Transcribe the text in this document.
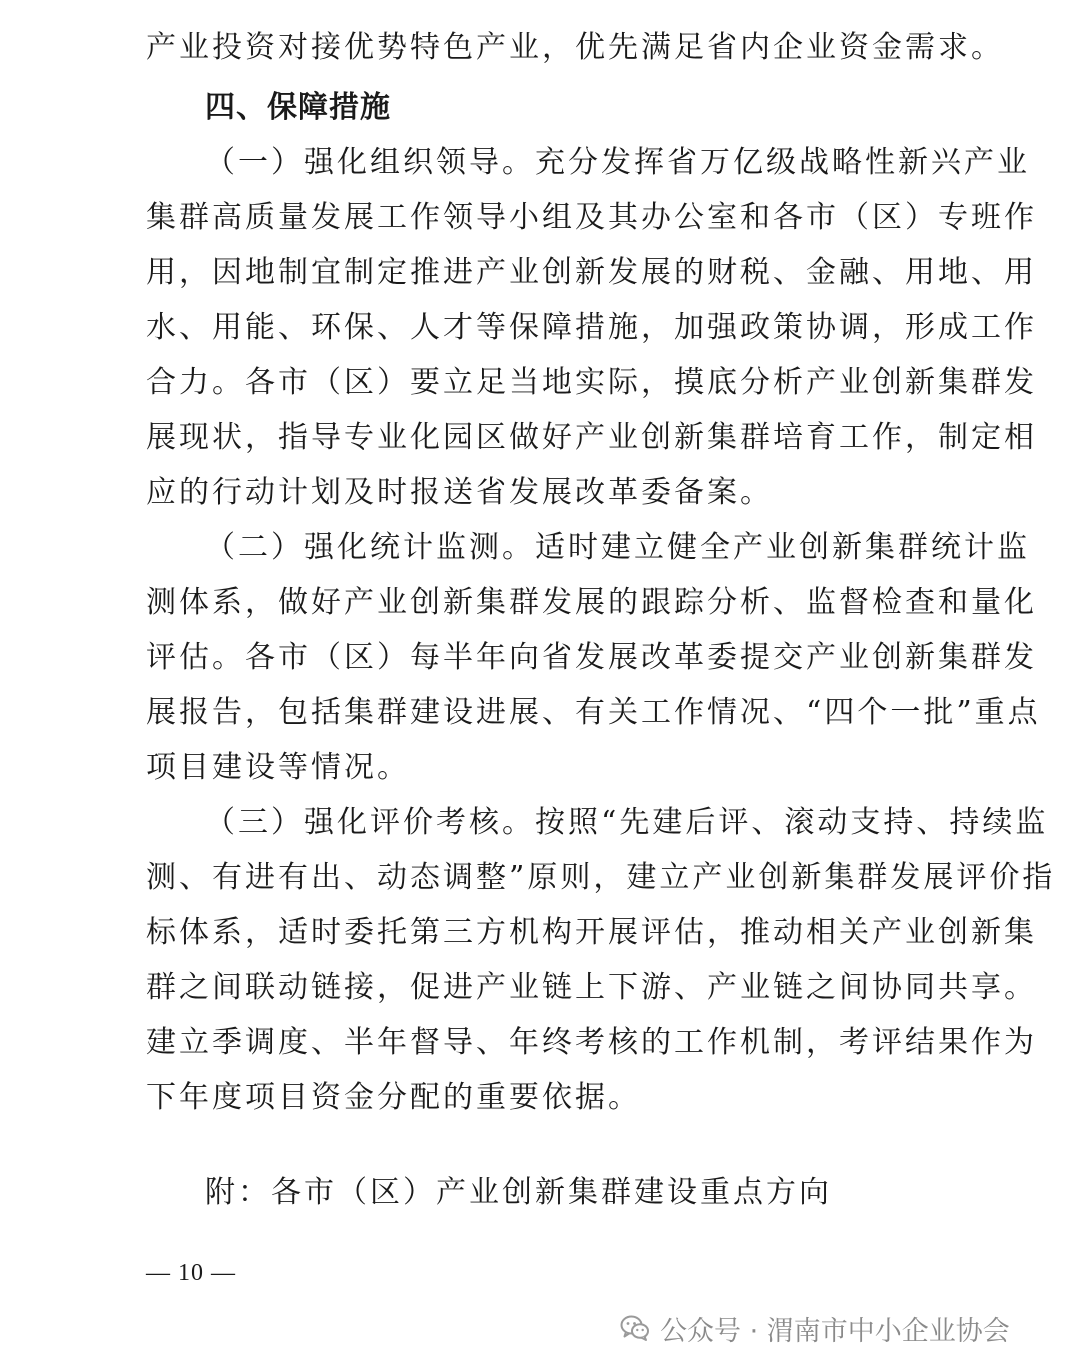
产业投资对接优势特色产业，优先满足省内企业资金需求。
四、保障措施
（一）强化组织领导。充分发挥省万亿级战略性新兴产业
集群高质量发展工作领导小组及其办公室和各市（区）专班作
用，因地制宜制定推进产业创新发展的财税、金融、用地、用
水、用能、环保、人才等保障措施，加强政策协调，形成工作
合力。各市（区）要立足当地实际，摸底分析产业创新集群发
展现状，指导专业化园区做好产业创新集群培育工作，制定相
应的行动计划及时报送省发展改革委备案。
（二）强化统计监测。适时建立健全产业创新集群统计监
测体系，做好产业创新集群发展的跟踪分析、监督检查和量化
评估。各市（区）每半年向省发展改革委提交产业创新集群发
展报告，包括集群建设进展、有关工作情况、“四个一批”重点
项目建设等情况。
（三）强化评价考核。按照“先建后评、滚动支持、持续监
测、有进有出、动态调整”原则，建立产业创新集群发展评价指
标体系，适时委托第三方机构开展评估，推动相关产业创新集
群之间联动链接，促进产业链上下游、产业链之间协同共享。
建立季调度、半年督导、年终考核的工作机制，考评结果作为
下年度项目资金分配的重要依据。
附：各市（区）产业创新集群建设重点方向
— 10 —
公众号 · 渭南市中小企业协会
